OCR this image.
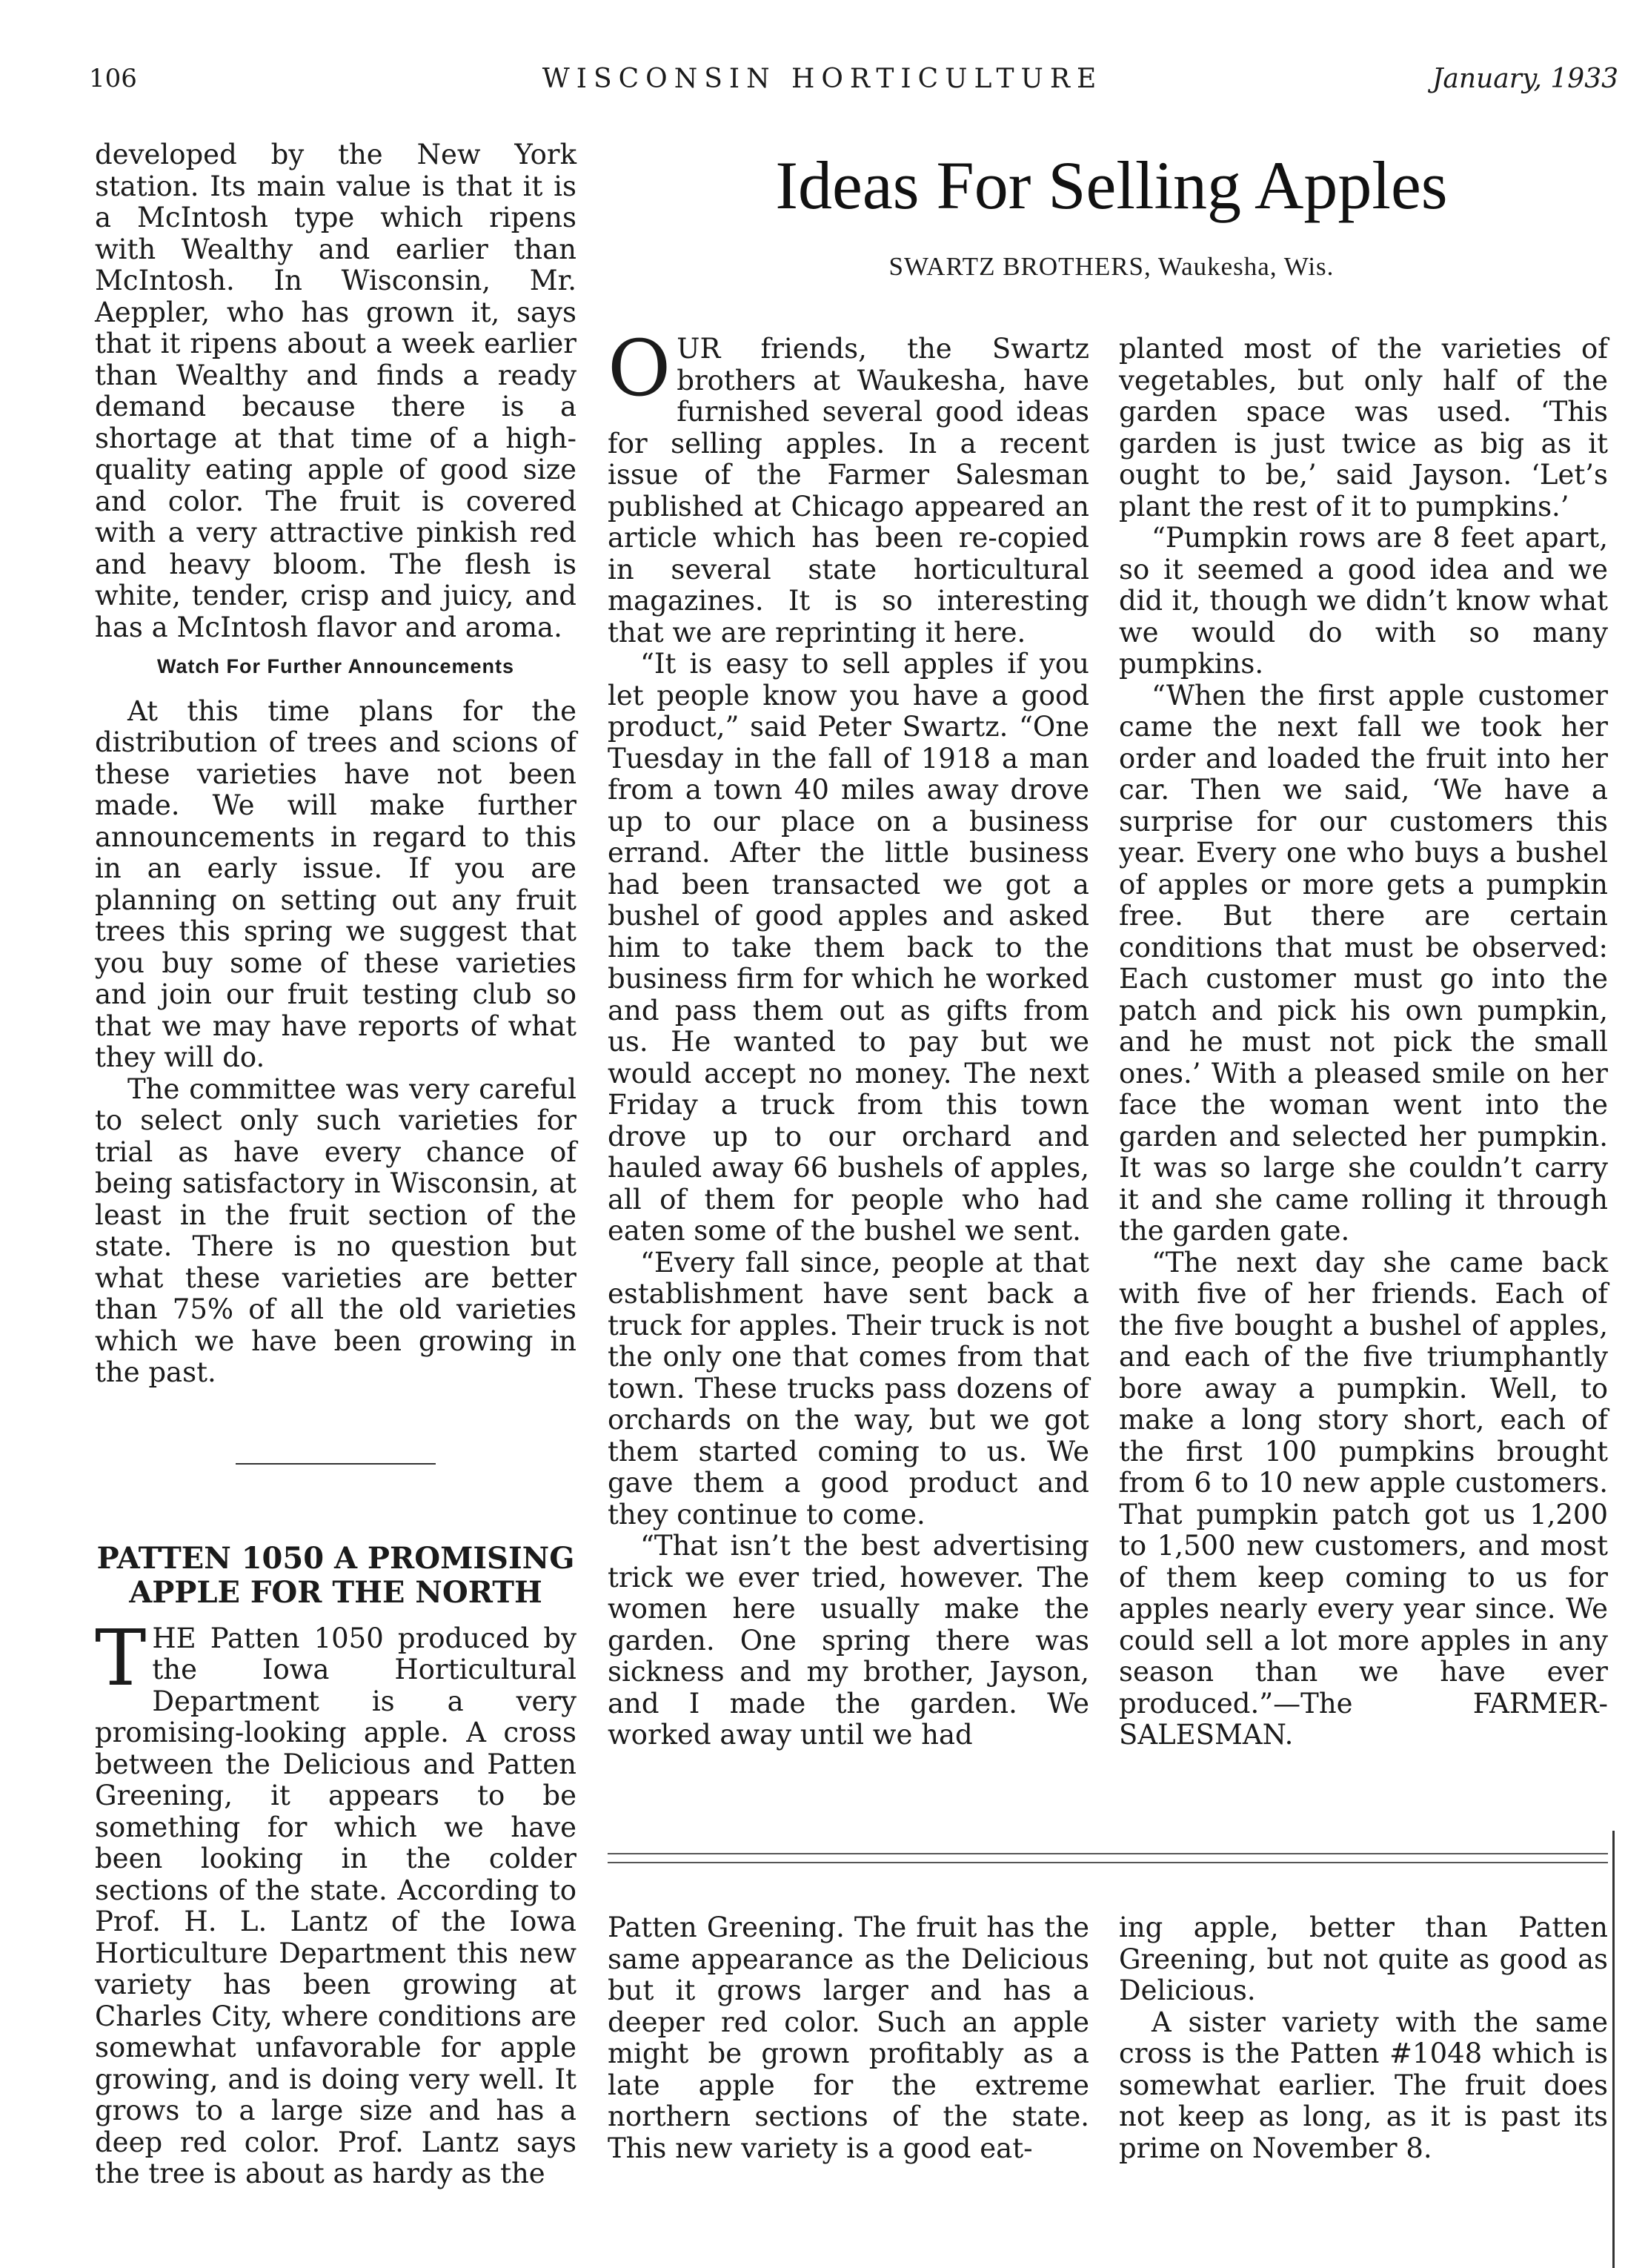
106	WISCONSIN HORTICULTURE	January, 1933

developed by the New York station. Its main value is that it is a McIntosh type which ripens with Wealthy and earlier than McIntosh. In Wisconsin, Mr. Aeppler, who has grown it, says that it ripens about a week earlier than Wealthy and finds a ready demand because there is a shortage at that time of a high-quality eating apple of good size and color. The fruit is covered with a very attractive pinkish red and heavy bloom. The flesh is white, tender, crisp and juicy, and has a McIntosh flavor and aroma.

Watch For Further Announcements

At this time plans for the distribution of trees and scions of these varieties have not been made. We will make further announcements in regard to this in an early issue. If you are planning on setting out any fruit trees this spring we suggest that you buy some of these varieties and join our fruit testing club so that we may have reports of what they will do.

The committee was very careful to select only such varieties for trial as have every chance of being satisfactory in Wisconsin, at least in the fruit section of the state. There is no question but what these varieties are better than 75% of all the old varieties which we have been growing in the past.

PATTEN 1050 A PROMISING APPLE FOR THE NORTH

THE Patten 1050 produced by the Iowa Horticultural Department is a very promising-looking apple. A cross between the Delicious and Patten Greening, it appears to be something for which we have been looking in the colder sections of the state. According to Prof. H. L. Lantz of the Iowa Horticulture Department this new variety has been growing at Charles City, where conditions are somewhat unfavorable for apple growing, and is doing very well. It grows to a large size and has a deep red color. Prof. Lantz says the tree is about as hardy as the

Ideas For Selling Apples
SWARTZ BROTHERS, Waukesha, Wis.

OUR friends, the Swartz brothers at Waukesha, have furnished several good ideas for selling apples. In a recent issue of the Farmer Salesman published at Chicago appeared an article which has been re-copied in several state horticultural magazines. It is so interesting that we are reprinting it here.

“It is easy to sell apples if you let people know you have a good product,” said Peter Swartz. “One Tuesday in the fall of 1918 a man from a town 40 miles away drove up to our place on a business errand. After the little business had been transacted we got a bushel of good apples and asked him to take them back to the business firm for which he worked and pass them out as gifts from us. He wanted to pay but we would accept no money. The next Friday a truck from this town drove up to our orchard and hauled away 66 bushels of apples, all of them for people who had eaten some of the bushel we sent.

“Every fall since, people at that establishment have sent back a truck for apples. Their truck is not the only one that comes from that town. These trucks pass dozens of orchards on the way, but we got them started coming to us. We gave them a good product and they continue to come.

“That isn’t the best advertising trick we ever tried, however. The women here usually make the garden. One spring there was sickness and my brother, Jayson, and I made the garden. We worked away until we had

planted most of the varieties of vegetables, but only half of the garden space was used. ‘This garden is just twice as big as it ought to be,’ said Jayson. ‘Let’s plant the rest of it to pumpkins.’

“Pumpkin rows are 8 feet apart, so it seemed a good idea and we did it, though we didn’t know what we would do with so many pumpkins.

“When the first apple customer came the next fall we took her order and loaded the fruit into her car. Then we said, ‘We have a surprise for our customers this year. Every one who buys a bushel of apples or more gets a pumpkin free. But there are certain conditions that must be observed: Each customer must go into the patch and pick his own pumpkin, and he must not pick the small ones.’ With a pleased smile on her face the woman went into the garden and selected her pumpkin. It was so large she couldn’t carry it and she came rolling it through the garden gate.

“The next day she came back with five of her friends. Each of the five bought a bushel of apples, and each of the five triumphantly bore away a pumpkin. Well, to make a long story short, each of the first 100 pumpkins brought from 6 to 10 new apple customers. That pumpkin patch got us 1,200 to 1,500 new customers, and most of them keep coming to us for apples nearly every year since. We could sell a lot more apples in any season than we have ever produced.”—The	FARMER-SALESMAN.

Patten Greening. The fruit has the same appearance as the Delicious but it grows larger and has a deeper red color. Such an apple might be grown profitably as a late apple for the extreme northern sections of the state. This new variety is a good eat-

ing apple, better than Patten Greening, but not quite as good as Delicious.

A sister variety with the same cross is the Patten #1048 which is somewhat earlier. The fruit does not keep as long, as it is past its prime on November 8.
